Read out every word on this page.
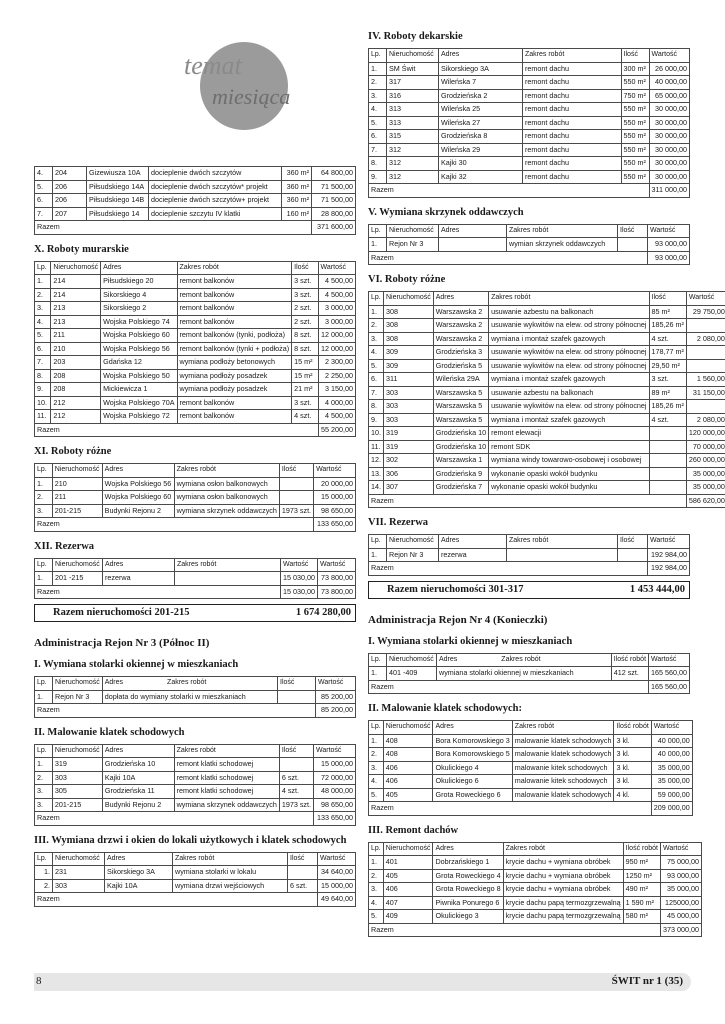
temat
miesiąca
4.	204	Gizewiusza 10A	docieplenie dwóch szczytów	360 m²	64 800,00
5.	206	Piłsudskiego 14A	docieplenie dwóch szczytów* projekt	360 m²	71 500,00
6.	206	Piłsudskiego 14B	docieplenie dwóch szczytów+ projekt	360 m²	71 500,00
7.	207	Piłsudskiego 14	docieplenie szczytu IV klatki	160 m²	28 800,00
Razem					371 600,00
X. Roboty murarskie
Lp.	Nieruchomość	Adres	Zakres robót	Ilość	Wartość
1.	214	Piłsudskiego 20	remont balkonów	3 szt.	4 500,00
2.	214	Sikorskiego 4	remont balkonów	3 szt.	4 500,00
3.	213	Sikorskiego 2	remont balkonów	2 szt.	3 000,00
4.	213	Wojska Polskiego 74	remont balkonów	2 szt.	3 000,00
5.	211	Wojska Polskiego 60	remont balkonów (tynki, podłoża)	8 szt.	12 000,00
6.	210	Wojska Polskiego 56	remont balkonów (tynki + podłoża)	8 szt.	12 000,00
7.	203	Gdańska 12	wymiana podłoży betonowych	15 m²	2 300,00
8.	208	Wojska Polskiego 50	wymiana podłoży posadzek	15 m²	2 250,00
9.	208	Mickiewicza 1	wymiana podłoży posadzek	21 m²	3 150,00
10.	212	Wojska Polskiego 70A	remont balkonów	3 szt.	4 000,00
11.	212	Wojska Polskiego 72	remont balkonów	4 szt.	4 500,00
Razem					55 200,00
XI. Roboty różne
Lp.	Nieruchomość	Adres	Zakres robót	Ilość	Wartość
1.	210	Wojska Polskiego 56	wymiana osłon balkonowych		20 000,00
2.	211	Wojska Polskiego 60	wymiana osłon balkonowych		15 000,00
3.	201-215	Budynki Rejonu 2	wymiana skrzynek oddawczych	1973 szt.	98 650,00
Razem					133 650,00
XII. Rezerwa
Lp.	Nieruchomość	Adres	Zakres robót	Wartość	Wartość
1.	201 -215	rezerwa		15 030,00	73 800,00
Razem				15 030,00	73 800,00
Razem nieruchomości 201-215	1 674 280,00
Administracja Rejon Nr 3 (Północ II)
I. Wymiana stolarki okiennej w mieszkaniach
Lp.	Nieruchomość	Adres Zakres robót	Ilość	Wartość
1.	Rejon Nr 3	dopłata do wymiany stolarki w mieszkaniach		85 200,00
Razem				85 200,00
II. Malowanie klatek schodowych
Lp.	Nieruchomość	Adres	Zakres robót	Ilość	Wartość
1.	319	Grodzieńska 10	remont klatki schodowej		15 000,00
2.	303	Kajki 10A	remont klatki schodowej	6 szt.	72 000,00
3.	305	Grodzieńska 11	remont klatki schodowej	4 szt.	48 000,00
3.	201-215	Budynki Rejonu 2	wymiana skrzynek oddawczych	1973 szt.	98 650,00
Razem					133 650,00
III. Wymiana drzwi i okien do lokali użytkowych i klatek schodowych
Lp.	Nieruchomość	Adres	Zakres robót	Ilość	Wartość
1.	231	Sikorskiego 3A	wymiana stolarki w lokalu		34 640,00
2.	303	Kajki 10A	wymiana drzwi wejściowych	6 szt.	15 000,00
Razem					49 640,00
IV. Roboty dekarskie
Lp.	Nieruchomość	Adres	Zakres robót	Ilość	Wartość
1.	SM Świt	Sikorskiego 3A	remont dachu	300 m²	26 000,00
2.	317	Wileńska 7	remont dachu	550 m²	40 000,00
3.	316	Grodzieńska 2	remont dachu	750 m²	65 000,00
4.	313	Wileńska 25	remont dachu	550 m²	30 000,00
5.	313	Wileńska 27	remont dachu	550 m²	30 000,00
6.	315	Grodzieńska 8	remont dachu	550 m²	30 000,00
7.	312	Wileńska 29	remont dachu	550 m²	30 000,00
8.	312	Kajki 30	remont dachu	550 m²	30 000,00
9.	312	Kajki 32	remont dachu	550 m²	30 000,00
Razem					311 000,00
V. Wymiana skrzynek oddawczych
Lp.	Nieruchomość	Adres	Zakres robót	Ilość	Wartość
1.	Rejon Nr 3		wymian skrzynek oddawczych		93 000,00
Razem					93 000,00
VI. Roboty różne
Lp.	Nieruchomość	Adres	Zakres robót	Ilość	Wartość
1.	308	Warszawska 2	usuwanie azbestu na balkonach	85 m²	29 750,00
2.	308	Warszawska 2	usuwanie wykwitów na elew. od strony północnej	185,26 m²	
3.	308	Warszawska 2	wymiana i montaż szafek gazowych	4 szt.	2 080,00
4.	309	Grodzieńska 3	usuwanie wykwitów na elew. od strony północnej	178,77 m²	
5.	309	Grodzieńska 5	usuwanie wykwitów na elew. od strony północnej	29,50 m²	
6.	311	Wileńska 29A	wymiana i montaż szafek gazowych	3 szt.	1 560,00
7.	303	Warszawska 5	usuwanie azbestu na balkonach	89 m²	31 150,00
8.	303	Warszawska 5	usuwanie wykwitów na elew. od strony północnej	185,26 m²	
9.	303	Warszawska 5	wymiana i montaż szafek gazowych	4 szt.	2 080,00
10.	319	Grodzieńska 10	remont elewacji		120 000,00
11.	319	Grodzieńska 10	remont SDK		70 000,00
12.	302	Warszawska 1	wymiana windy towarowo-osobowej i osobowej		260 000,00
13.	306	Grodzieńska 9	wykonanie opaski wokół budynku		35 000,00
14.	307	Grodzieńska 7	wykonanie opaski wokół budynku		35 000,00
Razem					586 620,00
VII. Rezerwa
Lp.	Nieruchomość	Adres	Zakres robót	Ilość	Wartość
1.	Rejon Nr 3	rezerwa			192 984,00
Razem					192 984,00
Razem nieruchomości 301-317	1 453 444,00
Administracja Rejon Nr 4 (Konieczki)
I. Wymiana stolarki okiennej w mieszkaniach
Lp.	Nieruchomość	Adres Zakres robót	Ilość robót	Wartość
1.	401 -409	wymiana stolarki okiennej w mieszkaniach	412 szt.	165 560,00
Razem				165 560,00
II. Malowanie klatek schodowych:
Lp.	Nieruchomość	Adres	Zakres robót	Ilość robót	Wartość
1.	408	Bora Komorowskiego 3	malowanie klatek schodowych	3 kl.	40 000,00
2.	408	Bora Komorowskiego 5	malowanie klatek schodowych	3 kl.	40 000,00
3.	406	Okulickiego 4	malowanie kitek schodowych	3 kl.	35 000,00
4.	406	Okulickiego 6	malowanie kitek schodowych	3 kl.	35 000,00
5.	405	Grota Roweckiego 6	malowanie klatek schodowych	4 kl.	59 000,00
Razem					209 000,00
III. Remont dachów
Lp.	Nieruchomość	Adres	Zakres robót	Ilość robót	Wartość
1.	401	Dobrzańskiego 1	krycie dachu + wymiana obróbek	950 m²	75 000,00
2.	405	Grota Roweckiego 4	krycie dachu + wymiana obróbek	1250 m²	93 000,00
3.	406	Grota Roweckiego 8	krycie dachu + wymiana obróbek	490 m²	35 000,00
4.	407	Piwnika Ponurego 6	krycie dachu papą termozgrzewalną	1 590 m²	125000,00
5.	409	Okulickiego 3	krycie dachu papą termozgrzewalną	580 m²	45 000,00
Razem					373 000,00
8	ŚWIT nr 1 (35)
